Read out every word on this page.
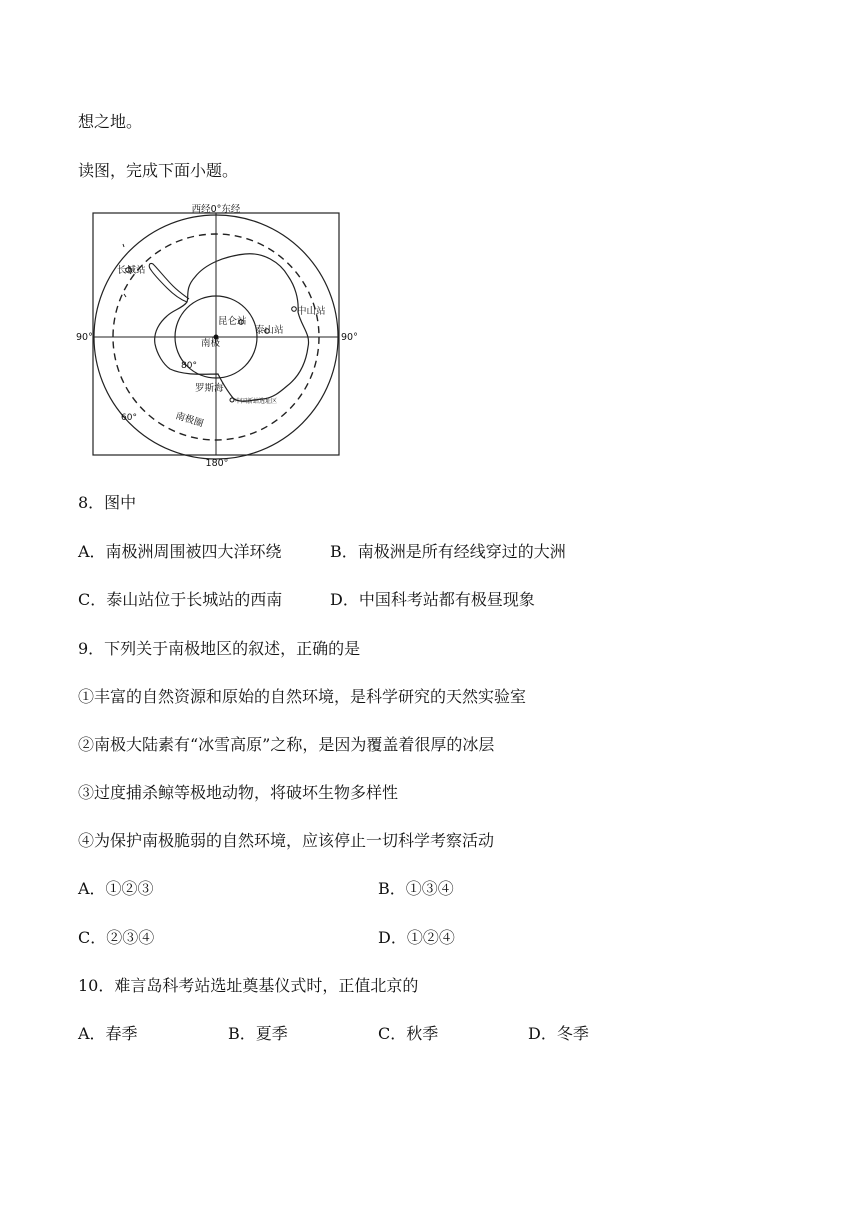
想之地。
读图，完成下面小题。
西经0°东经
90°	90°
180°
80°
60°	南极圈
南极
昆仑站
泰山站
中山站
长城站
罗斯海
中国新站选址区
8．图中
A．南极洲周围被四大洋环绕	B．南极洲是所有经线穿过的大洲
C．泰山站位于长城站的西南	D．中国科考站都有极昼现象
9．下列关于南极地区的叙述，正确的是
①丰富的自然资源和原始的自然环境，是科学研究的天然实验室
②南极大陆素有“冰雪高原”之称，是因为覆盖着很厚的冰层
③过度捕杀鲸等极地动物，将破坏生物多样性
④为保护南极脆弱的自然环境，应该停止一切科学考察活动
A．①②③	B．①③④
C．②③④	D．①②④
10．难言岛科考站选址奠基仪式时，正值北京的
A．春季	B．夏季	C．秋季	D．冬季
